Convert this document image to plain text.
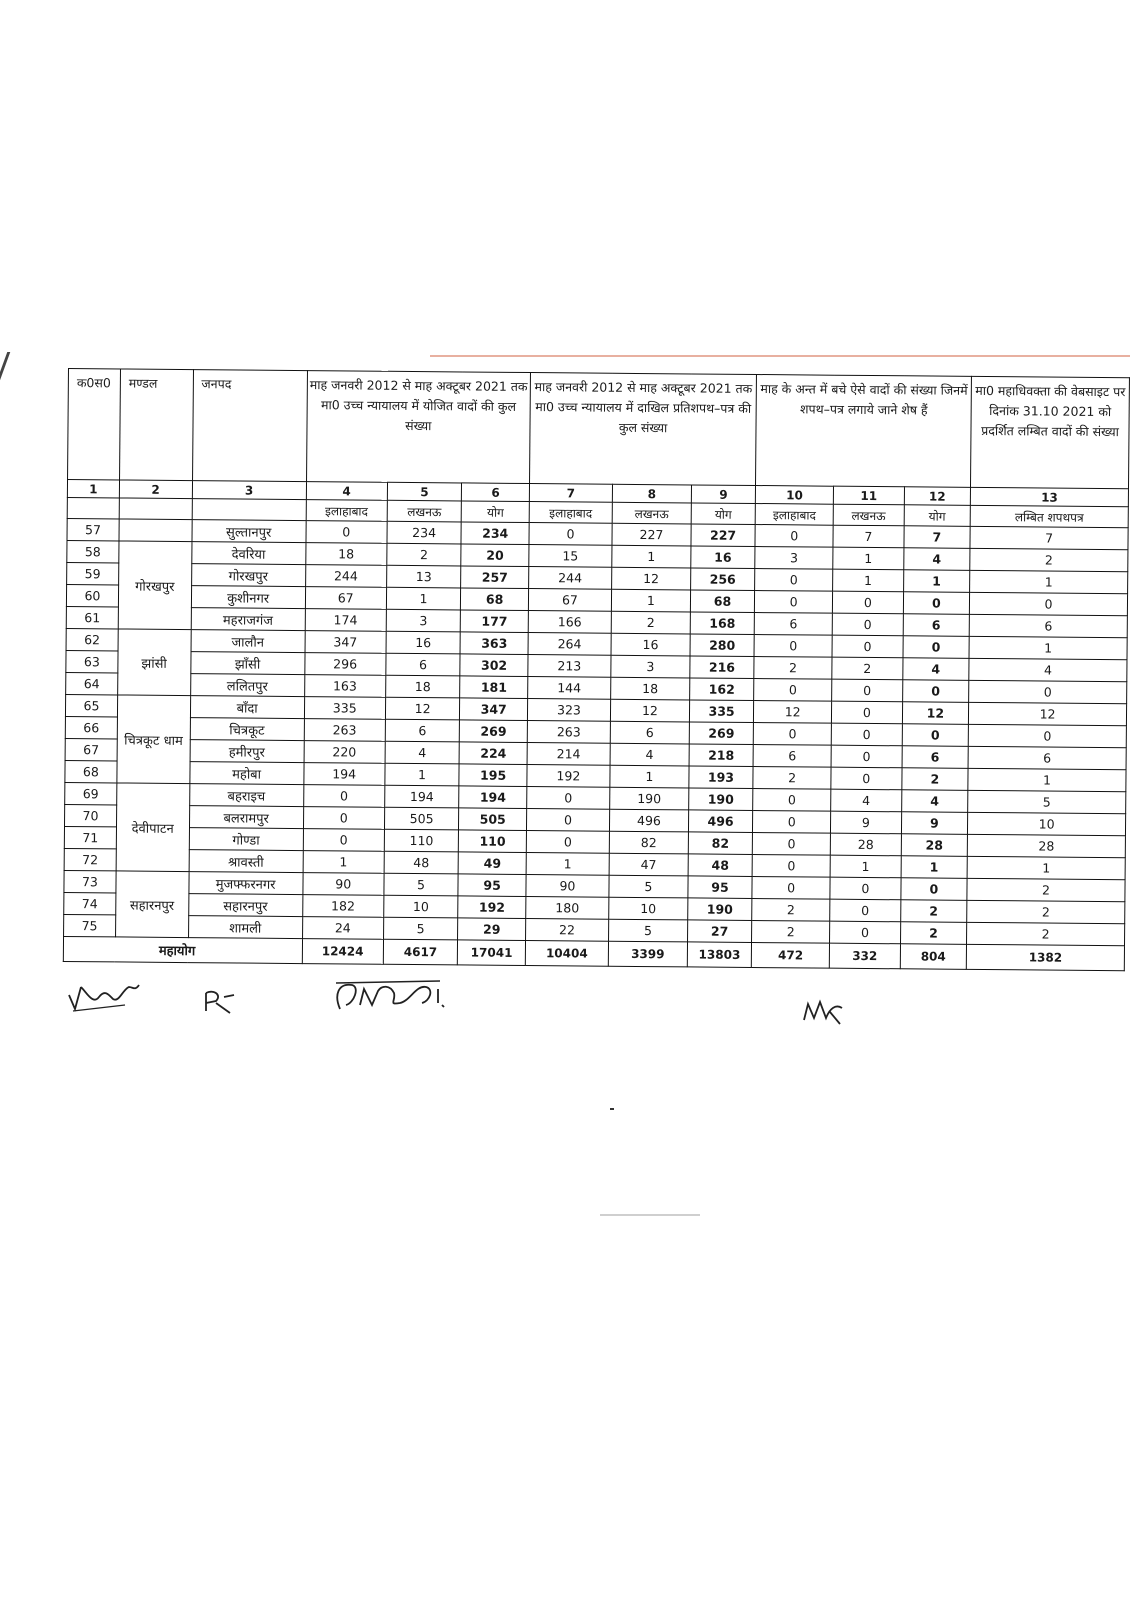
क0स0	मण्डल	जनपद	माह जनवरी 2012 से माह अक्टूबर 2021 तक मा0 उच्च न्यायालय में योजित वादों की कुल संख्या			माह जनवरी 2012 से माह अक्टूबर 2021 तक मा0 उच्च न्यायालय में दाखिल प्रतिशपथ–पत्र की कुल संख्या			माह के अन्त में बचे ऐसे वादों की संख्या जिनमें शपथ–पत्र लगाये जाने शेष हैं			मा0 महाधिवक्ता की वेबसाइट पर दिनांक 31.10 2021 को प्रदर्शित लम्बित वादों की संख्या
1	2	3	4	5	6	7	8	9	10	11	12	13
			इलाहाबाद	लखनऊ	योग	इलाहाबाद	लखनऊ	योग	इलाहाबाद	लखनऊ	योग	लम्बित शपथपत्र
57		सुल्तानपुर	0	234	234	0	227	227	0	7	7	7
58	गोरखपुर	देवरिया	18	2	20	15	1	16	3	1	4	2
59		गोरखपुर	244	13	257	244	12	256	0	1	1	1
60		कुशीनगर	67	1	68	67	1	68	0	0	0	0
61		महराजगंज	174	3	177	166	2	168	6	0	6	6
62	झांसी	जालौन	347	16	363	264	16	280	0	0	0	1
63		झाँसी	296	6	302	213	3	216	2	2	4	4
64		ललितपुर	163	18	181	144	18	162	0	0	0	0
65	चित्रकूट धाम	बाँदा	335	12	347	323	12	335	12	0	12	12
66		चित्रकूट	263	6	269	263	6	269	0	0	0	0
67		हमीरपुर	220	4	224	214	4	218	6	0	6	6
68		महोबा	194	1	195	192	1	193	2	0	2	1
69	देवीपाटन	बहराइच	0	194	194	0	190	190	0	4	4	5
70		बलरामपुर	0	505	505	0	496	496	0	9	9	10
71		गोण्डा	0	110	110	0	82	82	0	28	28	28
72		श्रावस्ती	1	48	49	1	47	48	0	1	1	1
73	सहारनपुर	मुजफ्फरनगर	90	5	95	90	5	95	0	0	0	2
74		सहारनपुर	182	10	192	180	10	190	2	0	2	2
75		शामली	24	5	29	22	5	27	2	0	2	2
महायोग			12424	4617	17041	10404	3399	13803	472	332	804	1382
